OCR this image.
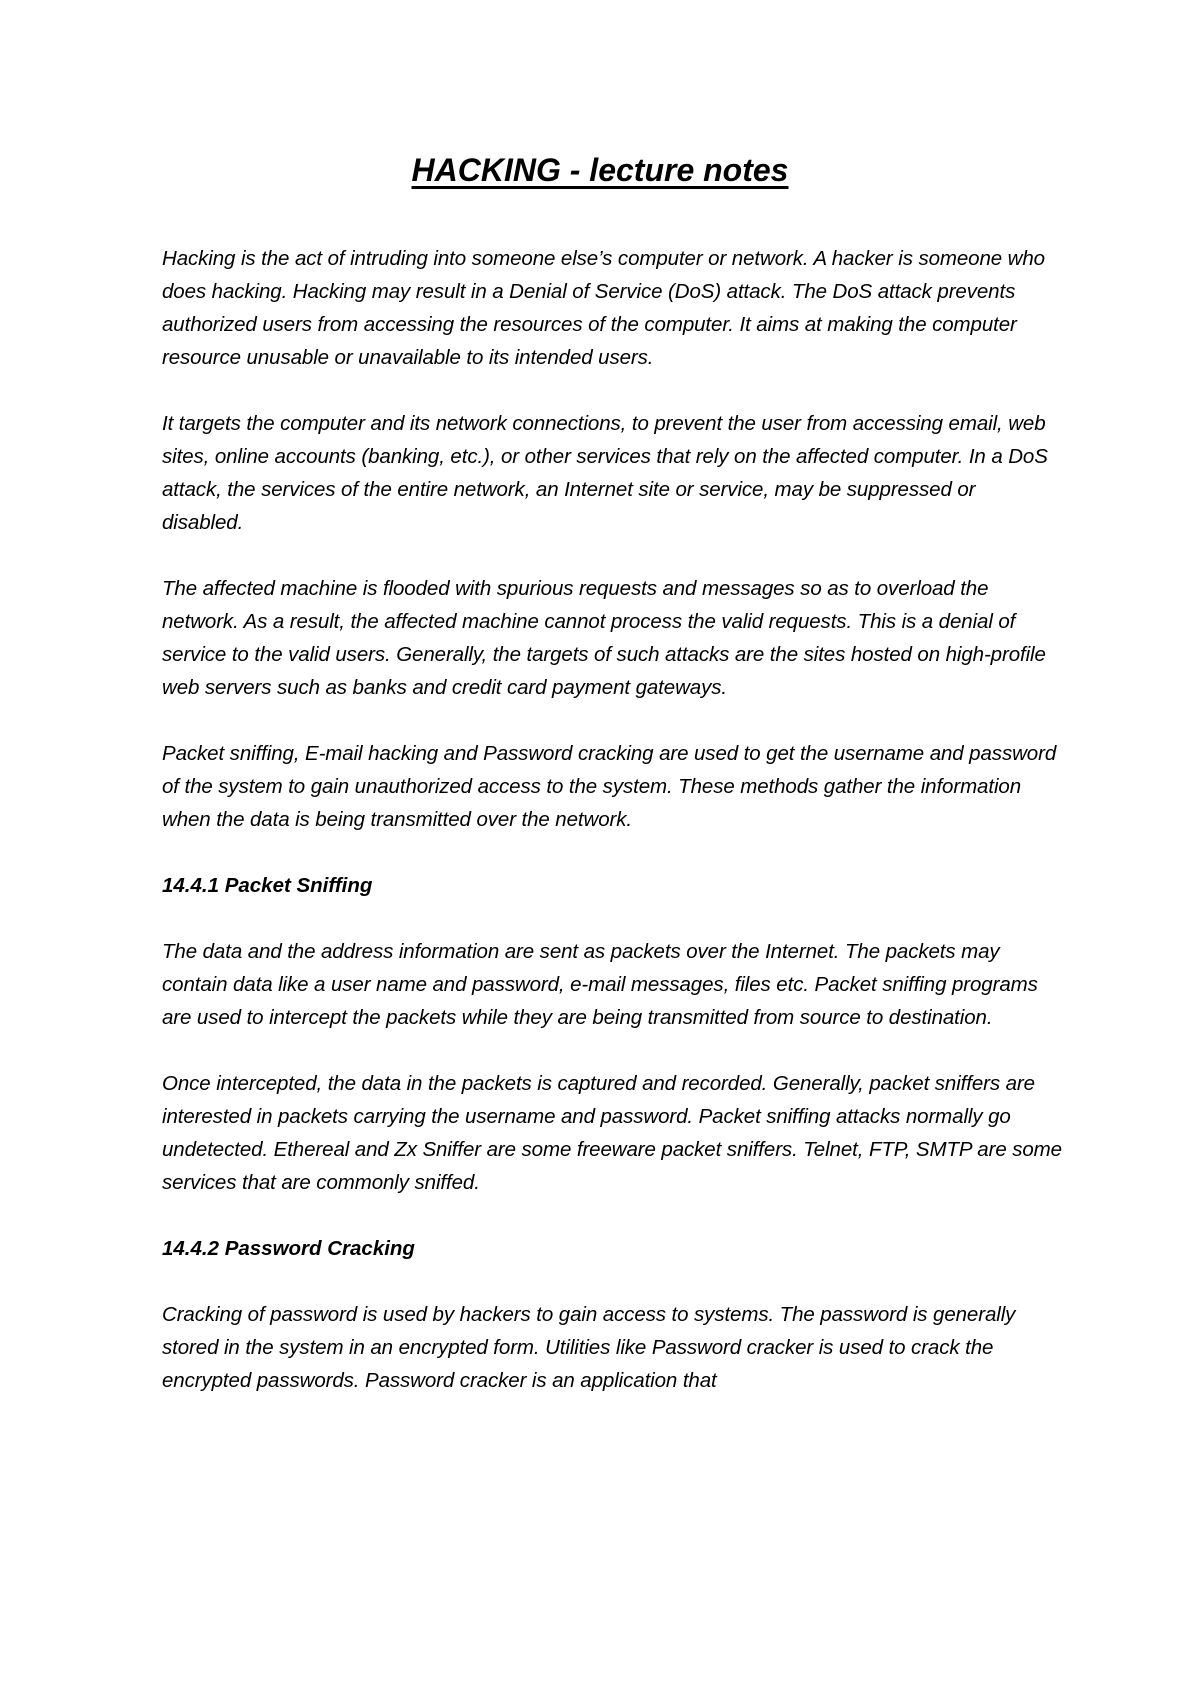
HACKING - lecture notes

Hacking is the act of intruding into someone else’s computer or network. A hacker is someone who does hacking. Hacking may result in a Denial of Service (DoS) attack. The DoS attack prevents authorized users from accessing the resources of the computer. It aims at making the computer resource unusable or unavailable to its intended users.

It targets the computer and its network connections, to prevent the user from accessing email, web sites, online accounts (banking, etc.), or other services that rely on the affected computer. In a DoS attack, the services of the entire network, an Internet site or service, may be suppressed or disabled.

The affected machine is flooded with spurious requests and messages so as to overload the network. As a result, the affected machine cannot process the valid requests. This is a denial of service to the valid users. Generally, the targets of such attacks are the sites hosted on high-profile web servers such as banks and credit card payment gateways.

Packet sniffing, E-mail hacking and Password cracking are used to get the username and password of the system to gain unauthorized access to the system. These methods gather the information when the data is being transmitted over the network.

14.4.1 Packet Sniffing

The data and the address information are sent as packets over the Internet. The packets may contain data like a user name and password, e-mail messages, files etc. Packet sniffing programs are used to intercept the packets while they are being transmitted from source to destination.

Once intercepted, the data in the packets is captured and recorded. Generally, packet sniffers are interested in packets carrying the username and password. Packet sniffing attacks normally go undetected. Ethereal and Zx Sniffer are some freeware packet sniffers. Telnet, FTP, SMTP are some services that are commonly sniffed.

14.4.2 Password Cracking

Cracking of password is used by hackers to gain access to systems. The password is generally stored in the system in an encrypted form. Utilities like Password cracker is used to crack the encrypted passwords. Password cracker is an application that
